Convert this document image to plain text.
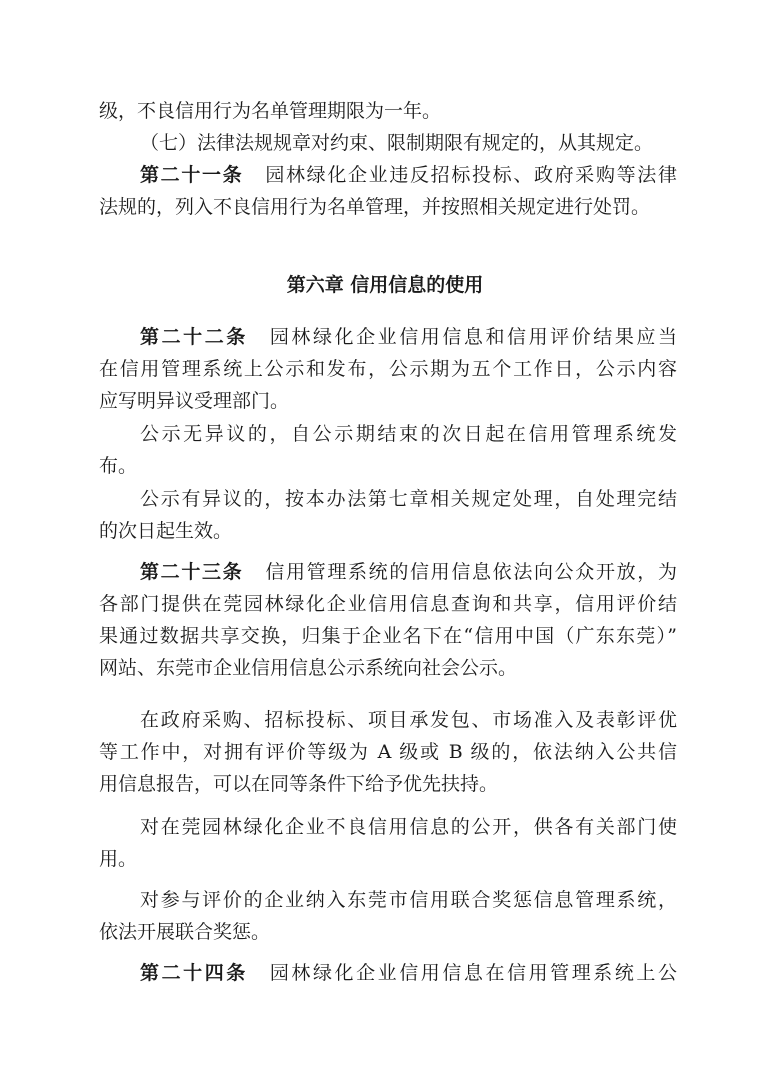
级，不良信用行为名单管理期限为一年。
（七）法律法规规章对约束、限制期限有规定的，从其规定。
第二十一条 园林绿化企业违反招标投标、政府采购等法律
法规的，列入不良信用行为名单管理，并按照相关规定进行处罚。
第六章 信用信息的使用
第二十二条 园林绿化企业信用信息和信用评价结果应当
在信用管理系统上公示和发布，公示期为五个工作日，公示内容
应写明异议受理部门。
公示无异议的，自公示期结束的次日起在信用管理系统发
布。
公示有异议的，按本办法第七章相关规定处理，自处理完结
的次日起生效。
第二十三条 信用管理系统的信用信息依法向公众开放，为
各部门提供在莞园林绿化企业信用信息查询和共享，信用评价结
果通过数据共享交换，归集于企业名下在“信用中国（广东东莞）”
网站、东莞市企业信用信息公示系统向社会公示。
在政府采购、招标投标、项目承发包、市场准入及表彰评优
等工作中，对拥有评价等级为 A 级或 B 级的，依法纳入公共信
用信息报告，可以在同等条件下给予优先扶持。
对在莞园林绿化企业不良信用信息的公开，供各有关部门使
用。
对参与评价的企业纳入东莞市信用联合奖惩信息管理系统，
依法开展联合奖惩。
第二十四条 园林绿化企业信用信息在信用管理系统上公
